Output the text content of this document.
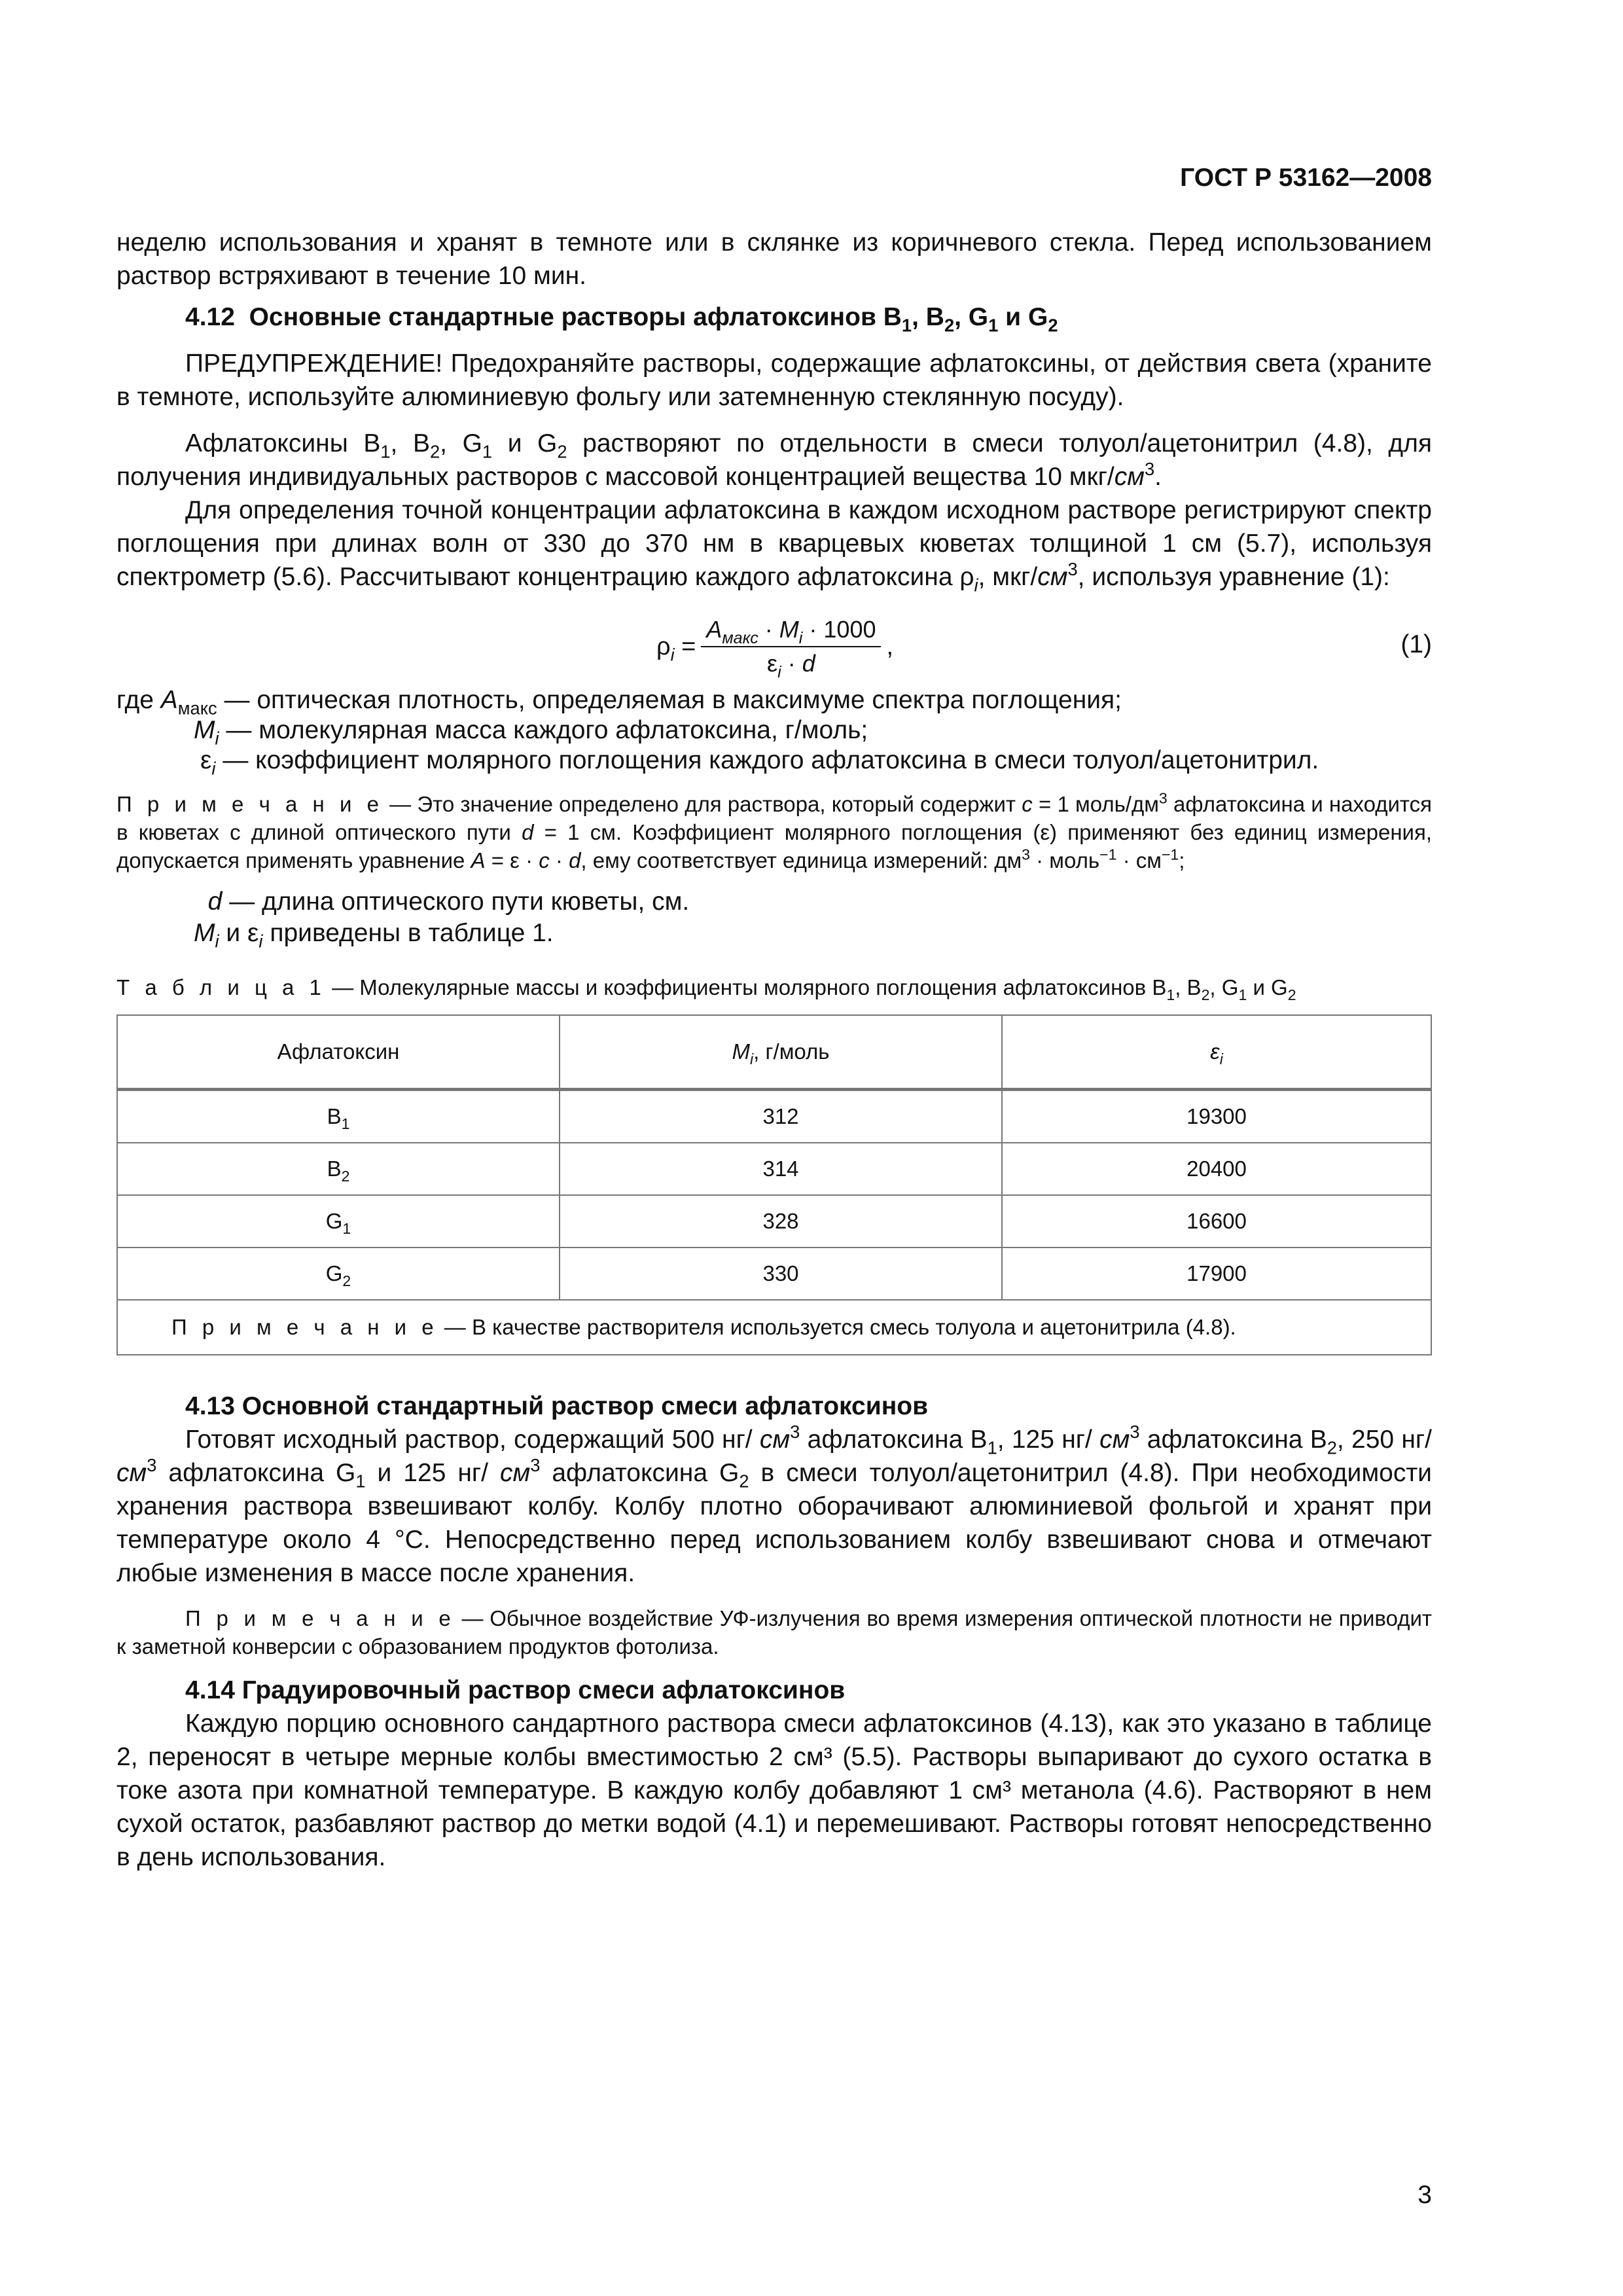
ГОСТ Р 53162—2008

неделю использования и хранят в темноте или в склянке из коричневого стекла. Перед использованием раствор встряхивают в течение 10 мин.

4.12  Основные стандартные растворы афлатоксинов $B_1$, $B_2$, $G_1$ и $G_2$

ПРЕДУПРЕЖДЕНИЕ! Предохраняйте растворы, содержащие афлатоксины, от действия света (храните в темноте, используйте алюминиевую фольгу или затемненную стеклянную посуду).

Афлатоксины $B_1$, $B_2$, $G_1$ и $G_2$ растворяют по отдельности в смеси толуол/ацетонитрил (4.8), для получения индивидуальных растворов с массовой концентрацией вещества 10 мкг/$см^3$.

Для определения точной концентрации афлатоксина в каждом исходном растворе регистрируют спектр поглощения при длинах волн от 330 до 370 нм в кварцевых кюветах толщиной 1 см (5.7), используя спектрометр (5.6). Рассчитывают концентрацию каждого афлатоксина $\rho_i$, мкг/$см^3$, используя уравнение (1):

$\rho_i = \frac{A_{макс} \cdot M_i \cdot 1000}{\varepsilon_i \cdot d}$ ,	(1)
где $A_{макс}$ — оптическая плотность, определяемая в максимуме спектра поглощения;
$M_i$ — молекулярная масса каждого афлатоксина, г/моль;
$\varepsilon_i$ — коэффициент молярного поглощения каждого афлатоксина в смеси толуол/ацетонитрил.
П р и м е ч а н и е — Это значение определено для раствора, который содержит c = 1 моль/$дм^3$ афлатоксина и находится в кюветах с длиной оптического пути d = 1 см. Коэффициент молярного поглощения (ε) применяют без единиц измерения, допускается применять уравнение A = ε · c · d, ему соответствует единица измерений: $дм^3$ · моль$^{-1}$ · $см^{-1}$;
d — длина оптического пути кюветы, см.
$M_i$ и $\varepsilon_i$ приведены в таблице 1.
Т а б л и ц а 1 — Молекулярные массы и коэффициенты молярного поглощения афлатоксинов $B_1$, $B_2$, $G_1$ и $G_2$
Афлатоксин	$M_i$, г/моль	$\varepsilon_i$
$B_1$	312	19300
$B_2$	314	20400
$G_1$	328	16600
$G_2$	330	17900
П р и м е ч а н и е — В качестве растворителя используется смесь толуола и ацетонитрила (4.8).		
4.13 Основной стандартный раствор смеси афлатоксинов

Готовят исходный раствор, содержащий 500 нг/ $см^3$ афлатоксина $B_1$, 125 нг/ $см^3$ афлатоксина $B_2$, 250 нг/ $см^3$ афлатоксина $G_1$ и 125 нг/ $см^3$ афлатоксина $G_2$ в смеси толуол/ацетонитрил (4.8). При необходимости хранения раствора взвешивают колбу. Колбу плотно оборачивают алюминиевой фольгой и хранят при температуре около 4 °C. Непосредственно перед использованием колбу взвешивают снова и отмечают любые изменения в массе после хранения.

П р и м е ч а н и е — Обычное воздействие УФ-излучения во время измерения оптической плотности не приводит к заметной конверсии с образованием продуктов фотолиза.
4.14 Градуировочный раствор смеси афлатоксинов

Каждую порцию основного сандартного раствора смеси афлатоксинов (4.13), как это указано в таблице 2, переносят в четыре мерные колбы вместимостью 2 см³ (5.5). Растворы выпаривают до сухого остатка в токе азота при комнатной температуре. В каждую колбу добавляют 1 см³ метанола (4.6). Растворяют в нем сухой остаток, разбавляют раствор до метки водой (4.1) и перемешивают. Растворы готовят непосредственно в день использования.

3
